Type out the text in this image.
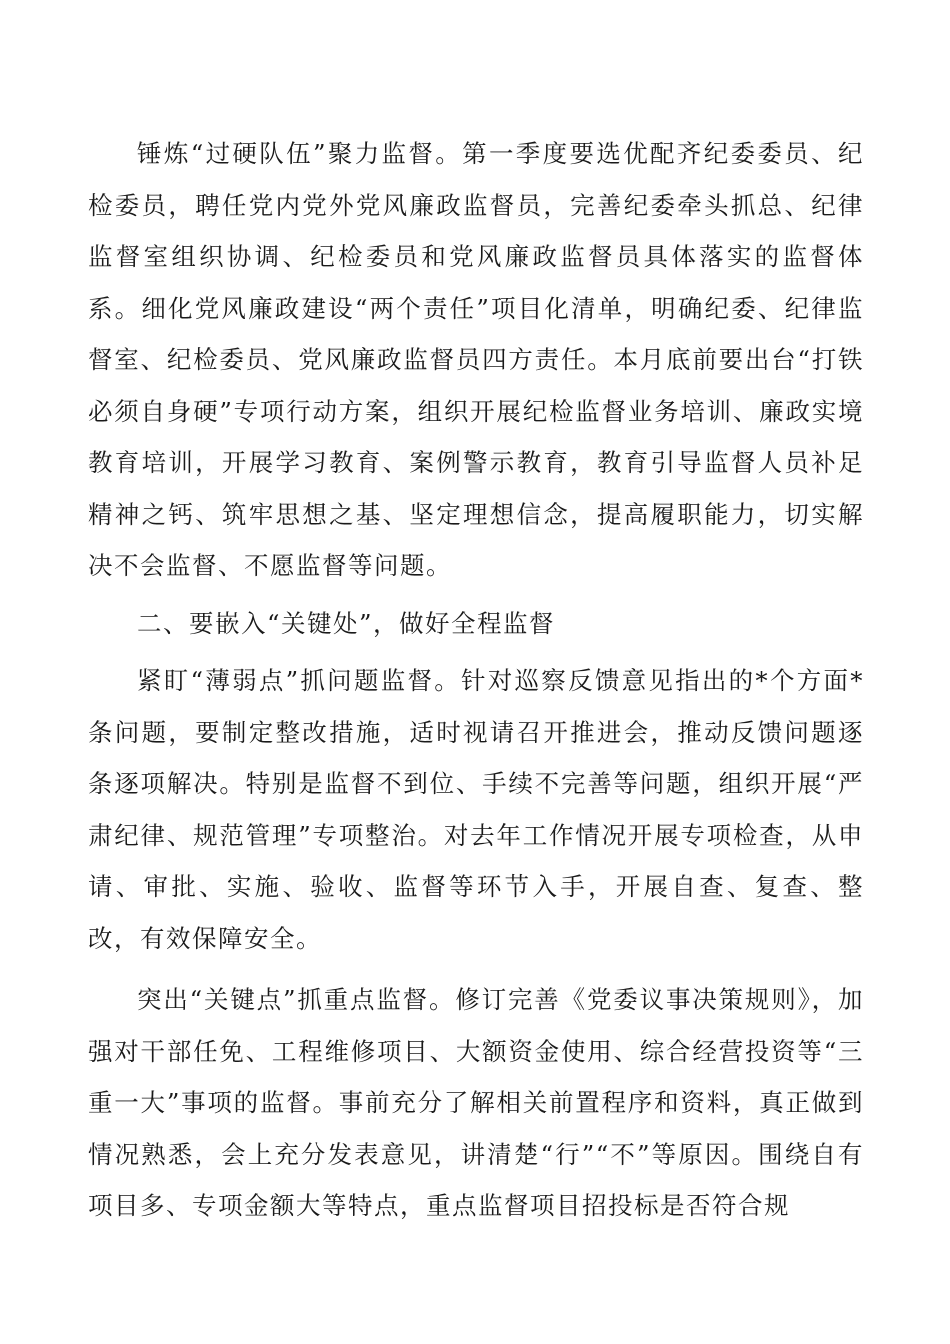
锤炼“过硬队伍”聚力监督。第一季度要选优配齐纪委委员、纪检委员，聘任党内党外党风廉政监督员，完善纪委牵头抓总、纪律监督室组织协调、纪检委员和党风廉政监督员具体落实的监督体系。细化党风廉政建设“两个责任”项目化清单，明确纪委、纪律监督室、纪检委员、党风廉政监督员四方责任。本月底前要出台“打铁必须自身硬”专项行动方案，组织开展纪检监督业务培训、廉政实境教育培训，开展学习教育、案例警示教育，教育引导监督人员补足精神之钙、筑牢思想之基、坚定理想信念，提高履职能力，切实解决不会监督、不愿监督等问题。

二、要嵌入“关键处”，做好全程监督

紧盯“薄弱点”抓问题监督。针对巡察反馈意见指出的*个方面*条问题，要制定整改措施，适时视请召开推进会，推动反馈问题逐条逐项解决。特别是监督不到位、手续不完善等问题，组织开展“严肃纪律、规范管理”专项整治。对去年工作情况开展专项检查，从申请、审批、实施、验收、监督等环节入手，开展自查、复查、整改，有效保障安全。

突出“关键点”抓重点监督。修订完善《党委议事决策规则》，加强对干部任免、工程维修项目、大额资金使用、综合经营投资等“三重一大”事项的监督。事前充分了解相关前置程序和资料，真正做到情况熟悉，会上充分发表意见，讲清楚“行”“不”等原因。围绕自有项目多、专项金额大等特点，重点监督项目招投标是否符合规
